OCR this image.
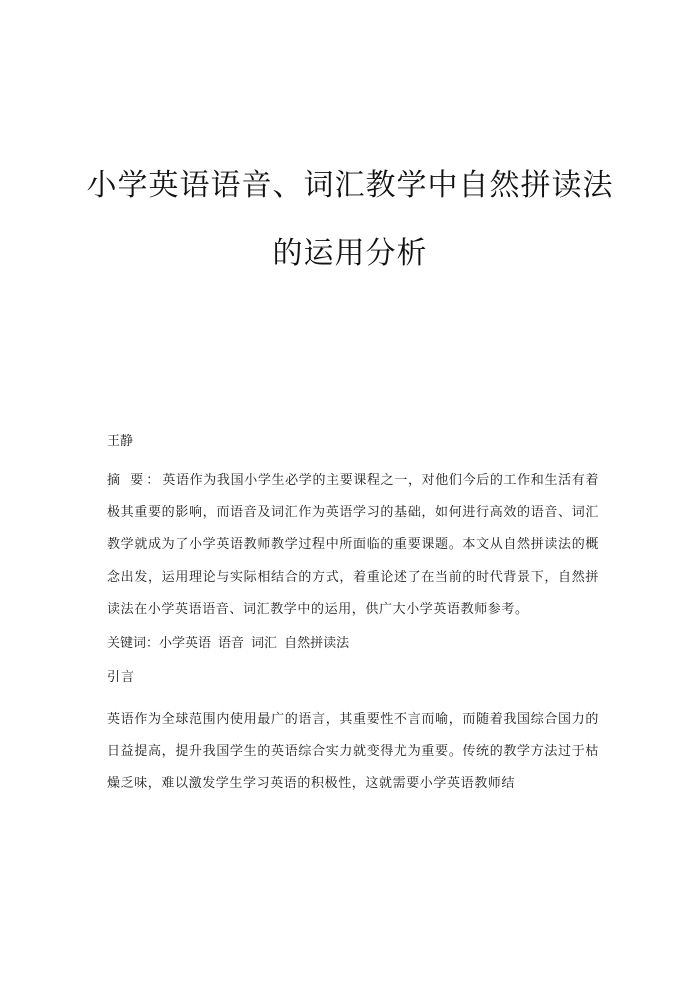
小学英语语音、词汇教学中自然拼读法
的运用分析
王静
摘 要：英语作为我国小学生必学的主要课程之一，对他们今后的工作和生活有着极其重要的影响，而语音及词汇作为英语学习的基础，如何进行高效的语音、词汇教学就成为了小学英语教师教学过程中所面临的重要课题。本文从自然拼读法的概念出发，运用理论与实际相结合的方式，着重论述了在当前的时代背景下，自然拼读法在小学英语语音、词汇教学中的运用，供广大小学英语教师参考。
关键词：小学英语 语音 词汇 自然拼读法
引言
英语作为全球范围内使用最广的语言，其重要性不言而喻，而随着我国综合国力的日益提高，提升我国学生的英语综合实力就变得尤为重要。传统的教学方法过于枯燥乏味，难以激发学生学习英语的积极性，这就需要小学英语教师结
